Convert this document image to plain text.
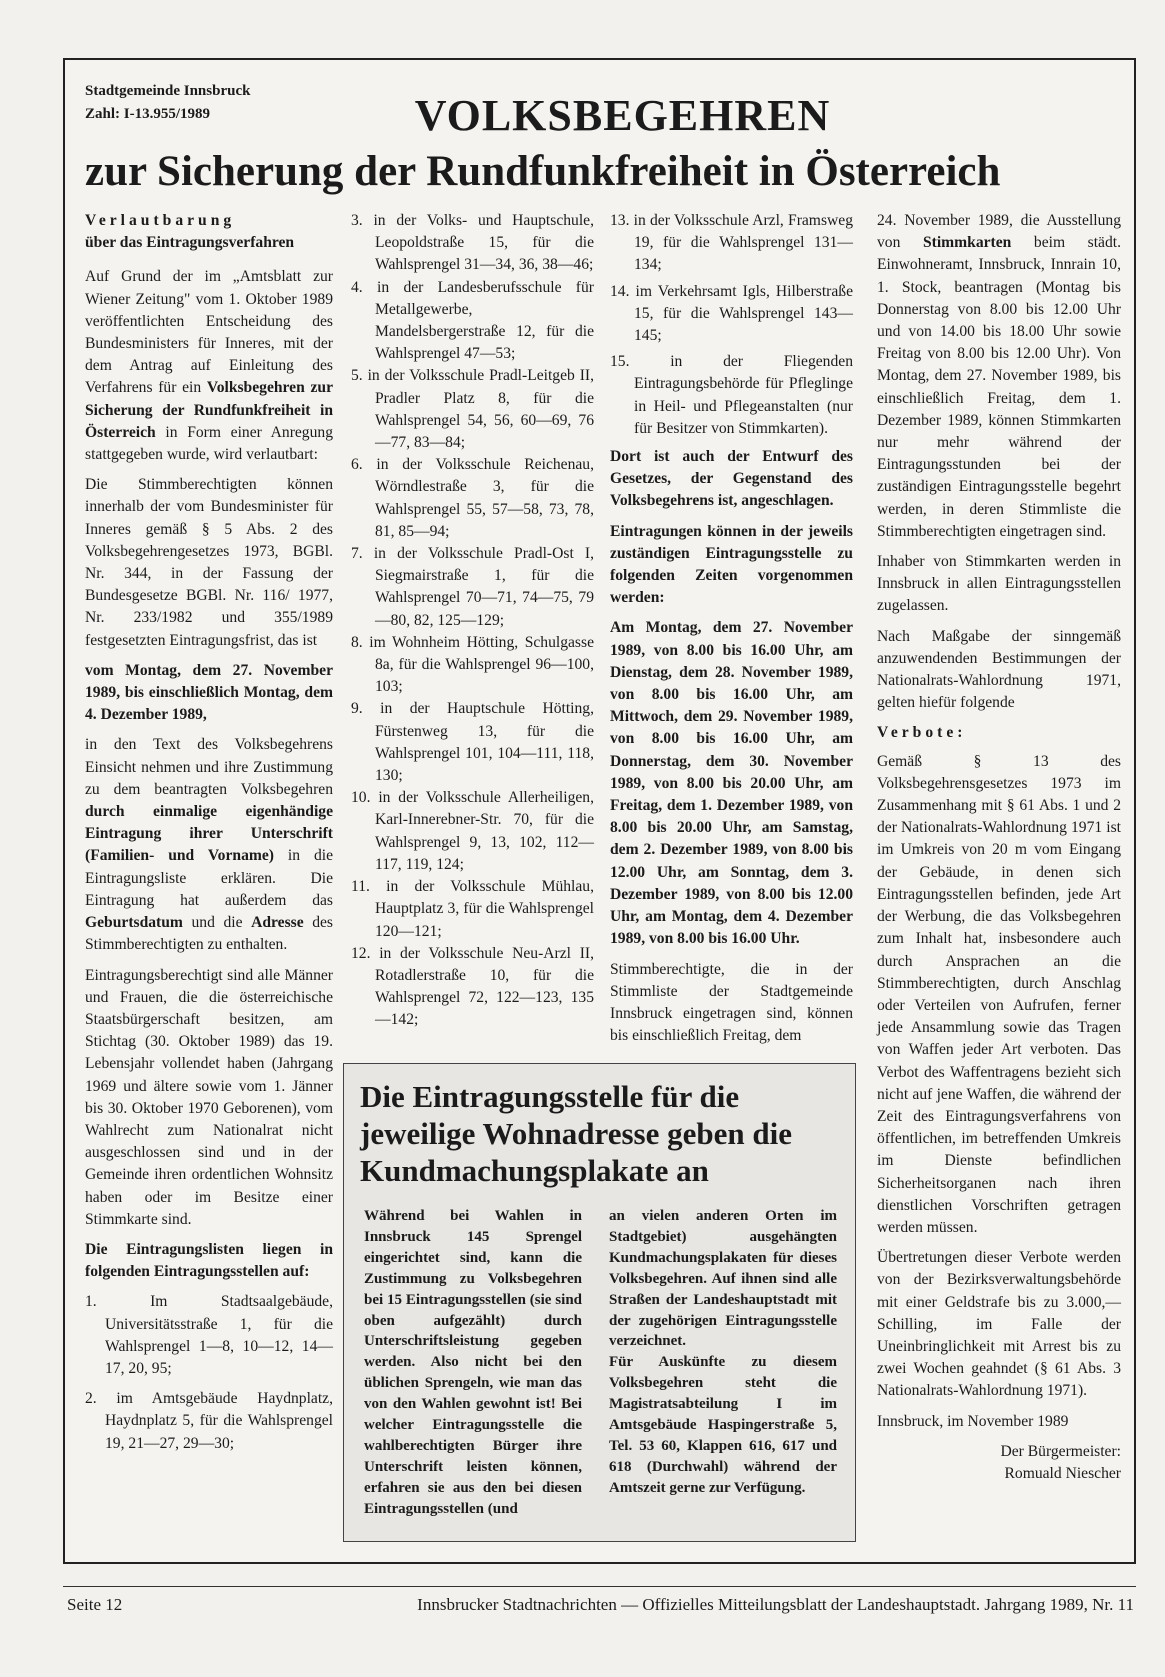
Stadtgemeinde Innsbruck
Zahl: I-13.955/1989	VOLKSBEGEHREN
zur Sicherung der Rundfunkfreiheit in Österreich
Verlautbarung

über das Eintragungsverfahren

Auf Grund der im „Amtsblatt zur Wiener Zeitung" vom 1. Oktober 1989 veröffentlichten Entscheidung des Bundesministers für Inneres, mit der dem Antrag auf Einleitung des Verfahrens für ein Volksbegehren zur Sicherung der Rundfunkfreiheit in Österreich in Form einer Anregung stattgegeben wurde, wird verlautbart:

Die Stimmberechtigten können innerhalb der vom Bundesminister für Inneres gemäß § 5 Abs. 2 des Volksbegehrengesetzes 1973, BGBl. Nr. 344, in der Fassung der Bundesgesetze BGBl. Nr. 116/ 1977, Nr. 233/1982 und 355/1989 festgesetzten Eintragungsfrist, das ist

vom Montag, dem 27. November 1989, bis einschließlich Montag, dem 4. Dezember 1989,

in den Text des Volksbegehrens Einsicht nehmen und ihre Zustimmung zu dem beantragten Volksbegehren durch einmalige eigenhändige Eintragung ihrer Unterschrift (Familien- und Vorname) in die Eintragungsliste erklären. Die Eintragung hat außerdem das Geburtsdatum und die Adresse des Stimmberechtigten zu enthalten.

Eintragungsberechtigt sind alle Männer und Frauen, die die österreichische Staatsbürgerschaft besitzen, am Stichtag (30. Oktober 1989) das 19. Lebensjahr vollendet haben (Jahrgang 1969 und ältere sowie vom 1. Jänner bis 30. Oktober 1970 Geborenen), vom Wahlrecht zum Nationalrat nicht ausgeschlossen sind und in der Gemeinde ihren ordentlichen Wohnsitz haben oder im Besitze einer Stimmkarte sind.

Die Eintragungslisten liegen in folgenden Eintragungsstellen auf:

1. Im Stadtsaalgebäude, Universitätsstraße 1, für die Wahlsprengel 1—8, 10—12, 14—17, 20, 95;

2. im Amtsgebäude Haydnplatz, Haydnplatz 5, für die Wahlsprengel 19, 21—27, 29—30;

3. in der Volks- und Hauptschule, Leopoldstraße 15, für die Wahlsprengel 31—34, 36, 38—46;

4. in der Landesberufsschule für Metallgewerbe, Mandelsbergerstraße 12, für die Wahlsprengel 47—53;

5. in der Volksschule Pradl-Leitgeb II, Pradler Platz 8, für die Wahlsprengel 54, 56, 60—69, 76—77, 83—84;

6. in der Volksschule Reichenau, Wörndlestraße 3, für die Wahlsprengel 55, 57—58, 73, 78, 81, 85—94;

7. in der Volksschule Pradl-Ost I, Siegmairstraße 1, für die Wahlsprengel 70—71, 74—75, 79—80, 82, 125—129;

8. im Wohnheim Hötting, Schulgasse 8a, für die Wahlsprengel 96—100, 103;

9. in der Hauptschule Hötting, Fürstenweg 13, für die Wahlsprengel 101, 104—111, 118, 130;

10. in der Volksschule Allerheiligen, Karl-Innerebner-Str. 70, für die Wahlsprengel 9, 13, 102, 112—117, 119, 124;

11. in der Volksschule Mühlau, Hauptplatz 3, für die Wahlsprengel 120—121;

12. in der Volksschule Neu-Arzl II, Rotadlerstraße 10, für die Wahlsprengel 72, 122—123, 135—142;

13. in der Volksschule Arzl, Framsweg 19, für die Wahlsprengel 131—134;

14. im Verkehrsamt Igls, Hilberstraße 15, für die Wahlsprengel 143—145;

15. in der Fliegenden Eintragungsbehörde für Pfleglinge in Heil- und Pflegeanstalten (nur für Besitzer von Stimmkarten).

Dort ist auch der Entwurf des Gesetzes, der Gegenstand des Volksbegehrens ist, angeschlagen.

Eintragungen können in der jeweils zuständigen Eintragungsstelle zu folgenden Zeiten vorgenommen werden:

Am Montag, dem 27. November 1989, von 8.00 bis 16.00 Uhr, am Dienstag, dem 28. November 1989, von 8.00 bis 16.00 Uhr, am Mittwoch, dem 29. November 1989, von 8.00 bis 16.00 Uhr, am Donnerstag, dem 30. November 1989, von 8.00 bis 20.00 Uhr, am Freitag, dem 1. Dezember 1989, von 8.00 bis 20.00 Uhr, am Samstag, dem 2. Dezember 1989, von 8.00 bis 12.00 Uhr, am Sonntag, dem 3. Dezember 1989, von 8.00 bis 12.00 Uhr, am Montag, dem 4. Dezember 1989, von 8.00 bis 16.00 Uhr.

Stimmberechtigte, die in der Stimmliste der Stadtgemeinde Innsbruck eingetragen sind, können bis einschließlich Freitag, dem

24. November 1989, die Ausstellung von Stimmkarten beim städt. Einwohneramt, Innsbruck, Innrain 10, 1. Stock, beantragen (Montag bis Donnerstag von 8.00 bis 12.00 Uhr und von 14.00 bis 18.00 Uhr sowie Freitag von 8.00 bis 12.00 Uhr). Von Montag, dem 27. November 1989, bis einschließlich Freitag, dem 1. Dezember 1989, können Stimmkarten nur mehr während der Eintragungsstunden bei der zuständigen Eintragungsstelle begehrt werden, in deren Stimmliste die Stimmberechtigten eingetragen sind.

Inhaber von Stimmkarten werden in Innsbruck in allen Eintragungsstellen zugelassen.

Nach Maßgabe der sinngemäß anzuwendenden Bestimmungen der Nationalrats-Wahlordnung 1971, gelten hiefür folgende

Verbote:

Gemäß § 13 des Volksbegehrensgesetzes 1973 im Zusammenhang mit § 61 Abs. 1 und 2 der Nationalrats-Wahlordnung 1971 ist im Umkreis von 20 m vom Eingang der Gebäude, in denen sich Eintragungsstellen befinden, jede Art der Werbung, die das Volksbegehren zum Inhalt hat, insbesondere auch durch Ansprachen an die Stimmberechtigten, durch Anschlag oder Verteilen von Aufrufen, ferner jede Ansammlung sowie das Tragen von Waffen jeder Art verboten. Das Verbot des Waffentragens bezieht sich nicht auf jene Waffen, die während der Zeit des Eintragungsverfahrens von öffentlichen, im betreffenden Umkreis im Dienste befindlichen Sicherheitsorganen nach ihren dienstlichen Vorschriften getragen werden müssen.

Übertretungen dieser Verbote werden von der Bezirksverwaltungsbehörde mit einer Geldstrafe bis zu 3.000,— Schilling, im Falle der Uneinbringlichkeit mit Arrest bis zu zwei Wochen geahndet (§ 61 Abs. 3 Nationalrats-Wahlordnung 1971).

Innsbruck, im November 1989

Der Bürgermeister:
Romuald Niescher
Die Eintragungsstelle für die jeweilige Wohnadresse geben die Kundmachungsplakate an

Während bei Wahlen in Innsbruck 145 Sprengel eingerichtet sind, kann die Zustimmung zu Volksbegehren bei 15 Eintragungsstellen (sie sind oben aufgezählt) durch Unterschriftsleistung gegeben werden. Also nicht bei den üblichen Sprengeln, wie man das von den Wahlen gewohnt ist! Bei welcher Eintragungsstelle die wahlberechtigten Bürger ihre Unterschrift leisten können, erfahren sie aus den bei diesen Eintragungsstellen (und

an vielen anderen Orten im Stadtgebiet) ausgehängten Kundmachungsplakaten für dieses Volksbegehren. Auf ihnen sind alle Straßen der Landeshauptstadt mit der zugehörigen Eintragungsstelle verzeichnet.

Für Auskünfte zu diesem Volksbegehren steht die Magistratsabteilung I im Amtsgebäude Haspingerstraße 5, Tel. 53 60, Klappen 616, 617 und 618 (Durchwahl) während der Amtszeit gerne zur Verfügung.

Seite 12	Innsbrucker Stadtnachrichten — Offizielles Mitteilungsblatt der Landeshauptstadt. Jahrgang 1989, Nr. 11
